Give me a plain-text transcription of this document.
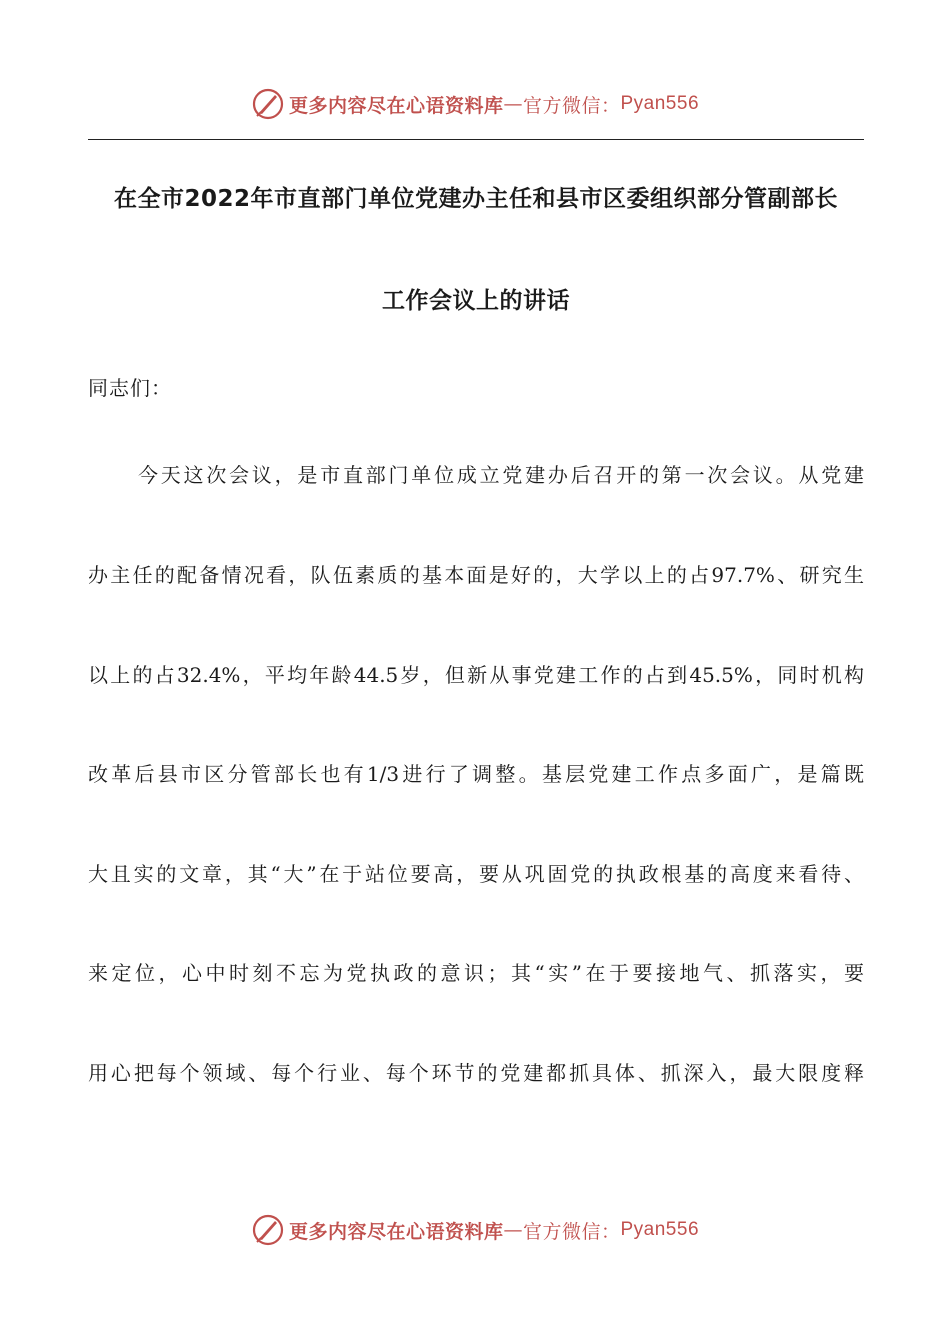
更多内容尽在心语资料库 — 官方微信： Pyan556
在全市2022年市直部门单位党建办主任和县市区委组织部分管副部长
工作会议上的讲话
同志们：
今天这次会议，是市直部门单位成立党建办后召开的第一次会议。从党建
办主任的配备情况看，队伍素质的基本面是好的，大学以上的占97.7%、研究生
以上的占32.4%，平均年龄44.5岁，但新从事党建工作的占到45.5%，同时机构
改革后县市区分管部长也有1/3进行了调整。基层党建工作点多面广，是篇既
大且实的文章，其“大”在于站位要高，要从巩固党的执政根基的高度来看待、
来定位，心中时刻不忘为党执政的意识；其“实”在于要接地气、抓落实，要
用心把每个领域、每个行业、每个环节的党建都抓具体、抓深入，最大限度释
更多内容尽在心语资料库 — 官方微信： Pyan556
